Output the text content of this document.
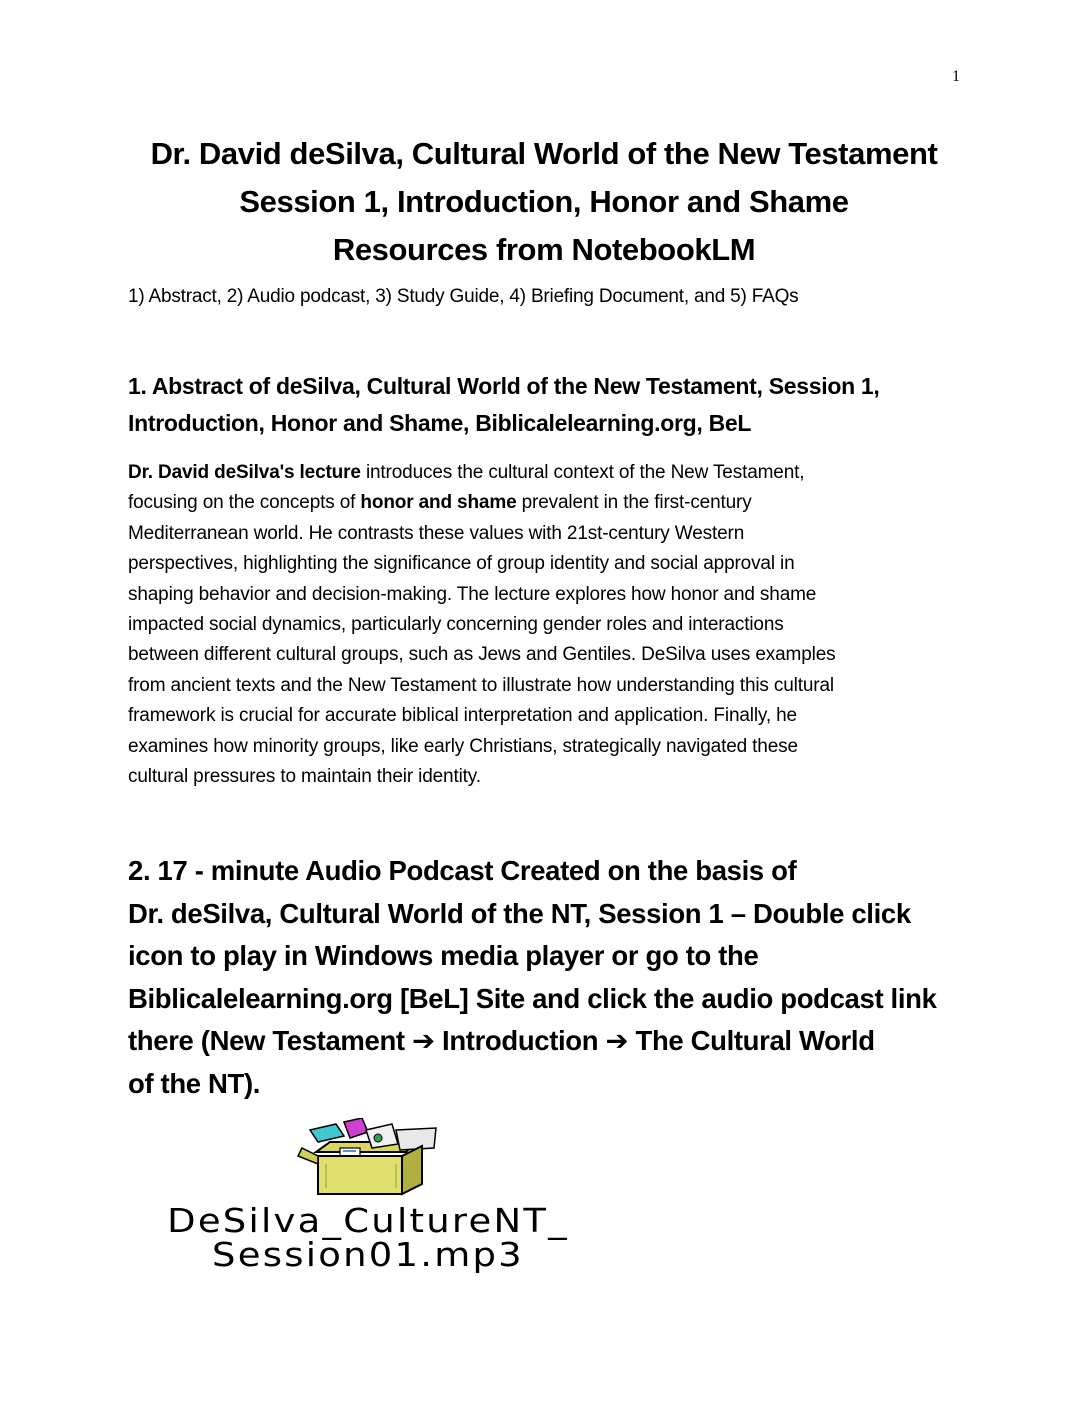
1
Dr. David deSilva, Cultural World of the New Testament
Session 1, Introduction, Honor and Shame
Resources from NotebookLM
1) Abstract, 2) Audio podcast, 3) Study Guide, 4) Briefing Document, and 5) FAQs
1. Abstract of deSilva, Cultural World of the New Testament, Session 1,
Introduction, Honor and Shame, Biblicalelearning.org, BeL
Dr. David deSilva's lecture introduces the cultural context of the New Testament,
focusing on the concepts of honor and shame prevalent in the first-century
Mediterranean world. He contrasts these values with 21st-century Western
perspectives, highlighting the significance of group identity and social approval in
shaping behavior and decision-making. The lecture explores how honor and shame
impacted social dynamics, particularly concerning gender roles and interactions
between different cultural groups, such as Jews and Gentiles. DeSilva uses examples
from ancient texts and the New Testament to illustrate how understanding this cultural
framework is crucial for accurate biblical interpretation and application. Finally, he
examines how minority groups, like early Christians, strategically navigated these
cultural pressures to maintain their identity.
2. 17 - minute Audio Podcast Created on the basis of
Dr. deSilva, Cultural World of the NT, Session 1 – Double click
icon to play in Windows media player or go to the
Biblicalelearning.org [BeL] Site and click the audio podcast link
there (New Testament ➔ Introduction ➔ The Cultural World
of the NT).
DeSilva_CultureNT_
Session01.mp3
